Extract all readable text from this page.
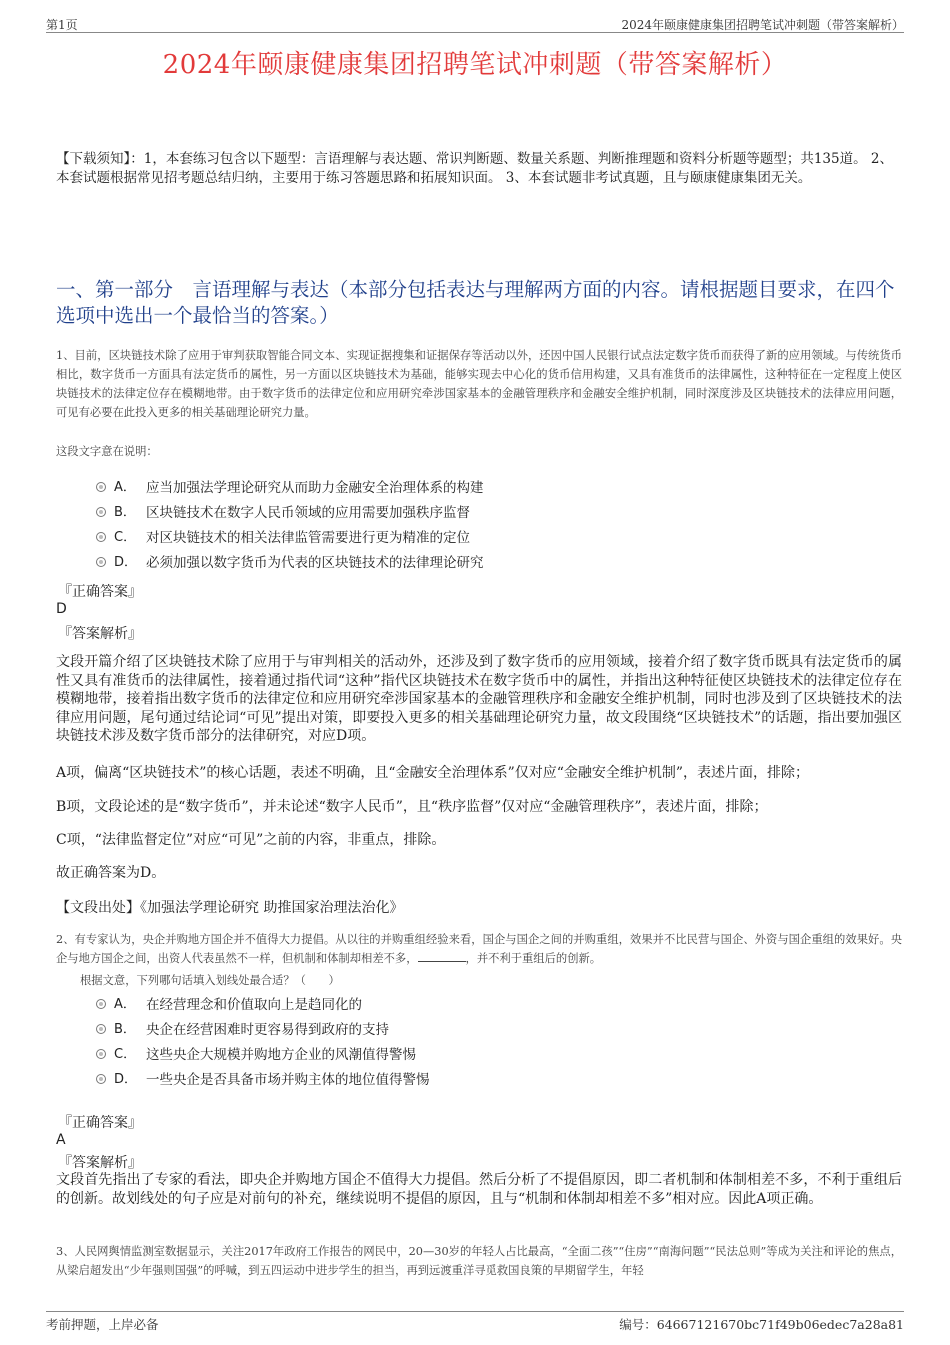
第1页	2024年颐康健康集团招聘笔试冲刺题（带答案解析）
2024年颐康健康集团招聘笔试冲刺题（带答案解析）
【下载须知】：1，本套练习包含以下题型：言语理解与表达题、常识判断题、数量关系题、判断推理题和资料分析题等题型；共135道。 2、本套试题根据常见招考题总结归纳，主要用于练习答题思路和拓展知识面。 3、本套试题非考试真题，且与颐康健康集团无关。
一、第一部分　言语理解与表达（本部分包括表达与理解两方面的内容。请根据题目要求，在四个选项中选出一个最恰当的答案。）
1、目前，区块链技术除了应用于审判获取智能合同文本、实现证据搜集和证据保存等活动以外，还因中国人民银行试点法定数字货币而获得了新的应用领域。与传统货币相比，数字货币一方面具有法定货币的属性，另一方面以区块链技术为基础，能够实现去中心化的货币信用构建，又具有准货币的法律属性，这种特征在一定程度上使区块链技术的法律定位存在模糊地带。由于数字货币的法律定位和应用研究牵涉国家基本的金融管理秩序和金融安全维护机制，同时深度涉及区块链技术的法律应用问题，可见有必要在此投入更多的相关基础理论研究力量。
这段文字意在说明：
A． 应当加强法学理论研究从而助力金融安全治理体系的构建
B． 区块链技术在数字人民币领域的应用需要加强秩序监督
C． 对区块链技术的相关法律监管需要进行更为精准的定位
D． 必须加强以数字货币为代表的区块链技术的法律理论研究
『正确答案』
D
『答案解析』
文段开篇介绍了区块链技术除了应用于与审判相关的活动外，还涉及到了数字货币的应用领域，接着介绍了数字货币既具有法定货币的属性又具有准货币的法律属性，接着通过指代词“这种”指代区块链技术在数字货币中的属性，并指出这种特征使区块链技术的法律定位存在模糊地带，接着指出数字货币的法律定位和应用研究牵涉国家基本的金融管理秩序和金融安全维护机制，同时也涉及到了区块链技术的法律应用问题，尾句通过结论词“可见”提出对策，即要投入更多的相关基础理论研究力量，故文段围绕“区块链技术”的话题，指出要加强区块链技术涉及数字货币部分的法律研究，对应D项。
A项，偏离“区块链技术”的核心话题，表述不明确，且“金融安全治理体系”仅对应“金融安全维护机制”，表述片面，排除；
B项，文段论述的是“数字货币”，并未论述“数字人民币”，且“秩序监督”仅对应“金融管理秩序”，表述片面，排除；
C项，“法律监督定位”对应“可见”之前的内容，非重点，排除。
故正确答案为D。
【文段出处】《加强法学理论研究 助推国家治理法治化》
2、有专家认为，央企并购地方国企并不值得大力提倡。从以往的并购重组经验来看，国企与国企之间的并购重组，效果并不比民营与国企、外资与国企重组的效果好。央企与地方国企之间，出资人代表虽然不一样，但机制和体制却相差不多，	，并不利于重组后的创新。
根据文意，下列哪句话填入划线处最合适？（　　）
A． 在经营理念和价值取向上是趋同化的
B． 央企在经营困难时更容易得到政府的支持
C． 这些央企大规模并购地方企业的风潮值得警惕
D． 一些央企是否具备市场并购主体的地位值得警惕
『正确答案』
A
『答案解析』
文段首先指出了专家的看法，即央企并购地方国企不值得大力提倡。然后分析了不提倡原因，即二者机制和体制相差不多，不利于重组后的创新。故划线处的句子应是对前句的补充，继续说明不提倡的原因，且与“机制和体制却相差不多”相对应。因此A项正确。
3、人民网舆情监测室数据显示，关注2017年政府工作报告的网民中，20—30岁的年轻人占比最高，“全面二孩”“住房”“南海问题”“民法总则”等成为关注和评论的焦点，从梁启超发出“少年强则国强”的呼喊，到五四运动中进步学生的担当，再到远渡重洋寻觅救国良策的早期留学生，年轻
考前押题，上岸必备	编号：64667121670bc71f49b06edec7a28a81
